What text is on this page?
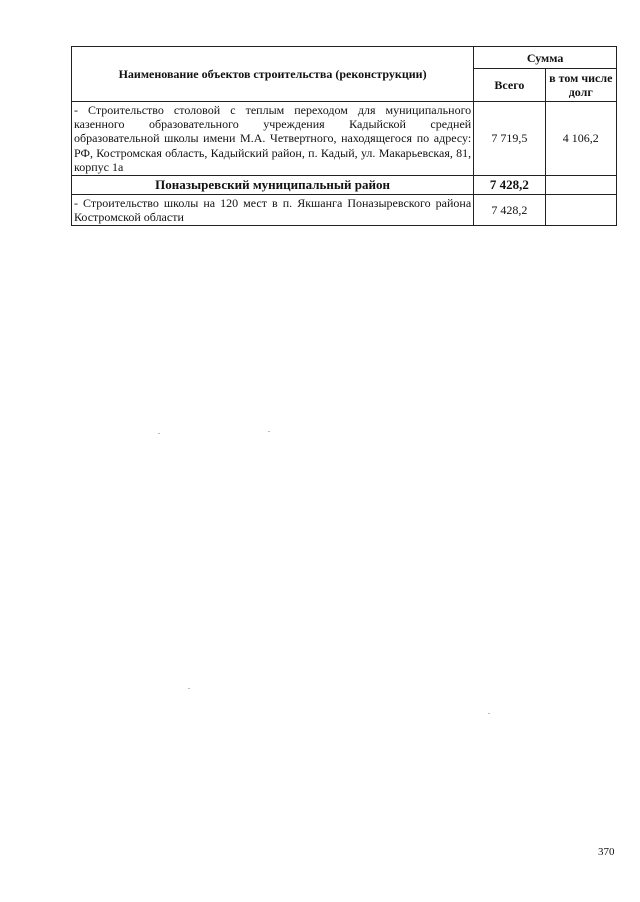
Наименование объектов строительства (реконструкции)	Сумма	
	Всего	в том числе долг
- Строительство столовой с теплым переходом для муниципального казенного образовательного учреждения Кадыйской средней образовательной школы имени М.А. Четвертного, находящегося по адресу: РФ, Костромская область, Кадыйский район, п. Кадый, ул. Макарьевская, 81, корпус 1а	7 719,5	4 106,2
Поназыревский муниципальный район	7 428,2	
- Строительство школы на 120 мест в п. Якшанга Поназыревского района Костромской области	7 428,2	
370
